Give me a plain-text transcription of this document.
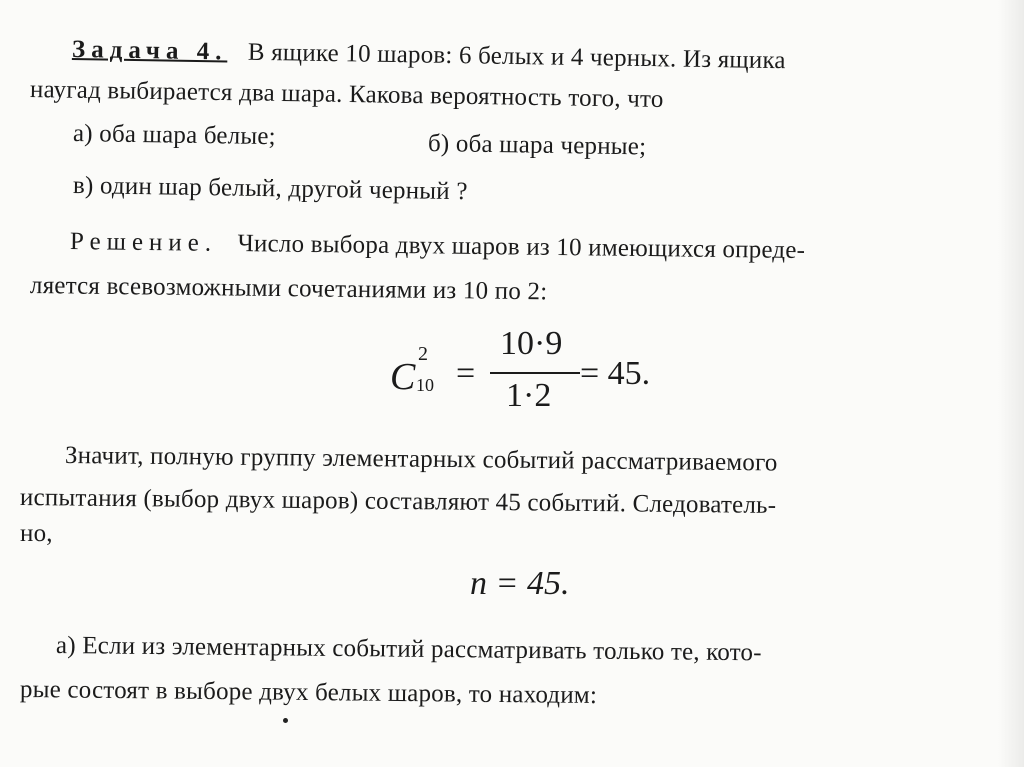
Задача 4. В ящике 10 шаров: 6 белых и 4 черных. Из ящика
наугад выбирается два шара. Какова вероятность того, что
а) оба шара белые;	б) оба шара черные;
в) один шар белый, другой черный ?
Решение. Число выбора двух шаров из 10 имеющихся опреде-
ляется всевозможными сочетаниями из 10 по 2:
C
2
10 =
10·9
1·2
= 45.
Значит, полную группу элементарных событий рассматриваемого
испытания (выбор двух шаров) составляют 45 событий. Следователь-
но,
n = 45.
а) Если из элементарных событий рассматривать только те, кото-
рые состоят в выборе двух белых шаров, то находим:
